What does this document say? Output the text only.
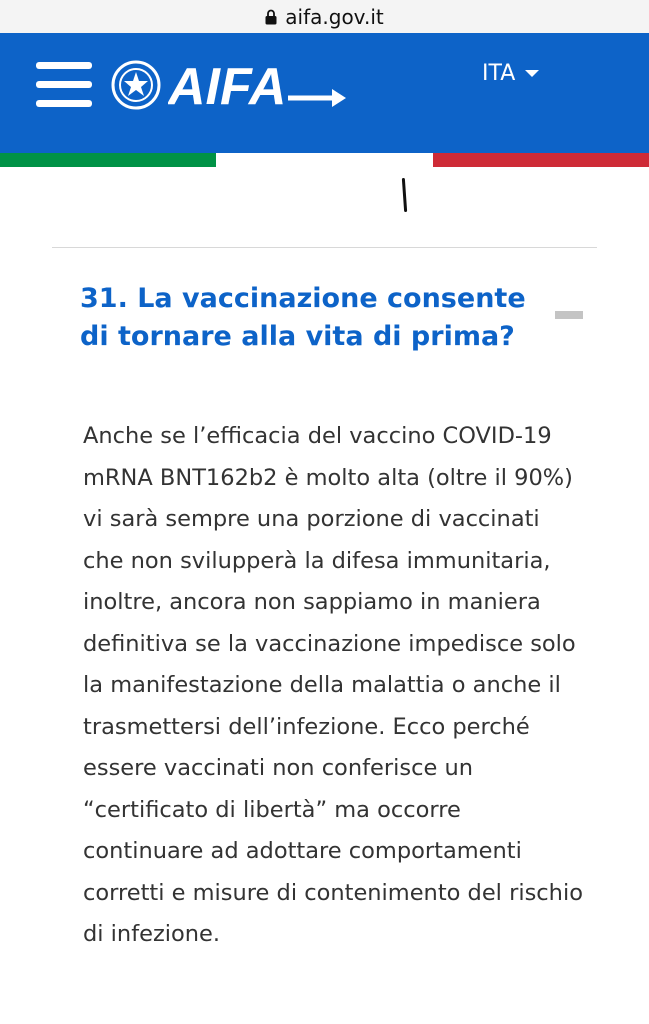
aifa.gov.it
AIFA	ITA
31. La vaccinazione consente di tornare alla vita di prima?

Anche se l’efficacia del vaccino COVID-19 mRNA BNT162b2 è molto alta (oltre il 90%) vi sarà sempre una porzione di vaccinati che non svilupperà la difesa immunitaria, inoltre, ancora non sappiamo in maniera definitiva se la vaccinazione impedisce solo la manifestazione della malattia o anche il trasmettersi dell’infezione. Ecco perché essere vaccinati non conferisce un “certificato di libertà” ma occorre continuare ad adottare comportamenti corretti e misure di contenimento del rischio di infezione.
